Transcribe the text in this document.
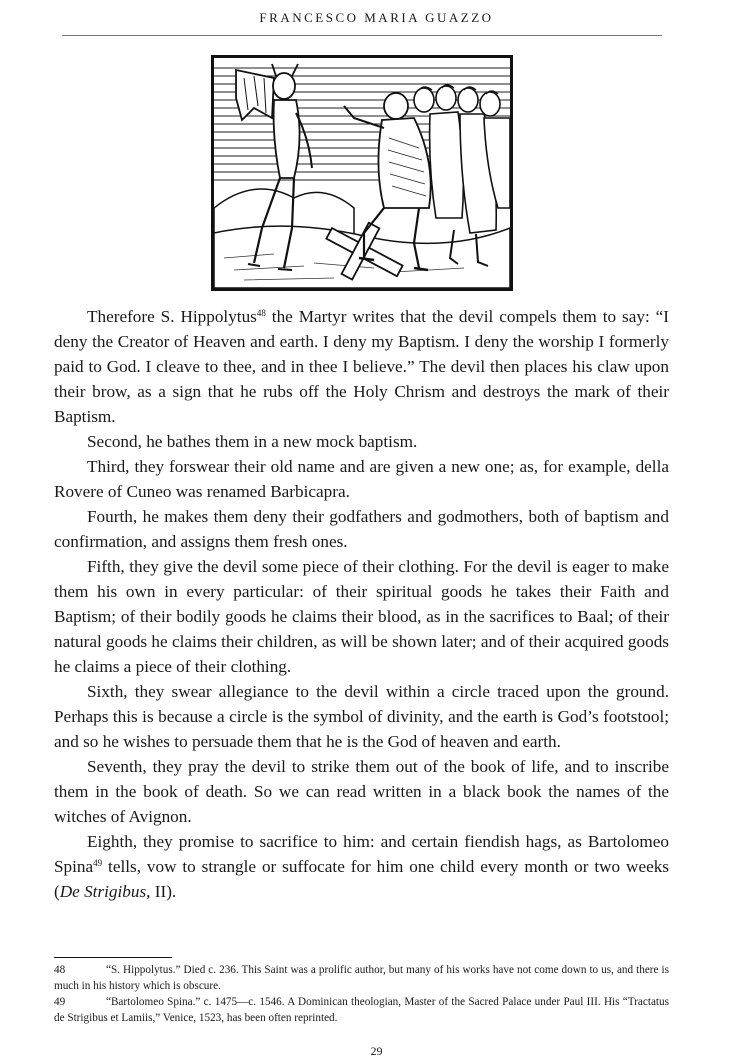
FRANCESCO MARIA GUAZZO

Therefore S. Hippolytus$^{48}$ the Martyr writes that the devil compels them to say: “I deny the Creator of Heaven and earth. I deny my Baptism. I deny the worship I formerly paid to God. I cleave to thee, and in thee I believe.” The devil then places his claw upon their brow, as a sign that he rubs off the Holy Chrism and destroys the mark of their Baptism.

Second, he bathes them in a new mock baptism.

Third, they forswear their old name and are given a new one; as, for example, della Rovere of Cuneo was renamed Barbicapra.

Fourth, he makes them deny their godfathers and godmothers, both of baptism and confirmation, and assigns them fresh ones.

Fifth, they give the devil some piece of their clothing. For the devil is eager to make them his own in every particular: of their spiritual goods he takes their Faith and Baptism; of their bodily goods he claims their blood, as in the sacrifices to Baal; of their natural goods he claims their children, as will be shown later; and of their acquired goods he claims a piece of their clothing.

Sixth, they swear allegiance to the devil within a circle traced upon the ground. Perhaps this is because a circle is the symbol of divinity, and the earth is God’s footstool; and so he wishes to persuade them that he is the God of heaven and earth.

Seventh, they pray the devil to strike them out of the book of life, and to inscribe them in the book of death. So we can read written in a black book the names of the witches of Avignon.

Eighth, they promise to sacrifice to him: and certain fiendish hags, as Bartolomeo Spina$^{49}$ tells, vow to strangle or suffocate for him one child every month or two weeks (De Strigibus, II).

48	“S. Hippolytus.” Died c. 236. This Saint was a prolific author, but many of his works have not come down to us, and there is much in his history which is obscure.

49	“Bartolomeo Spina.” c. 1475—c. 1546. A Dominican theologian, Master of the Sacred Palace under Paul III. His “Tractatus de Strigibus et Lamiis,” Venice, 1523, has been often reprinted.

29
